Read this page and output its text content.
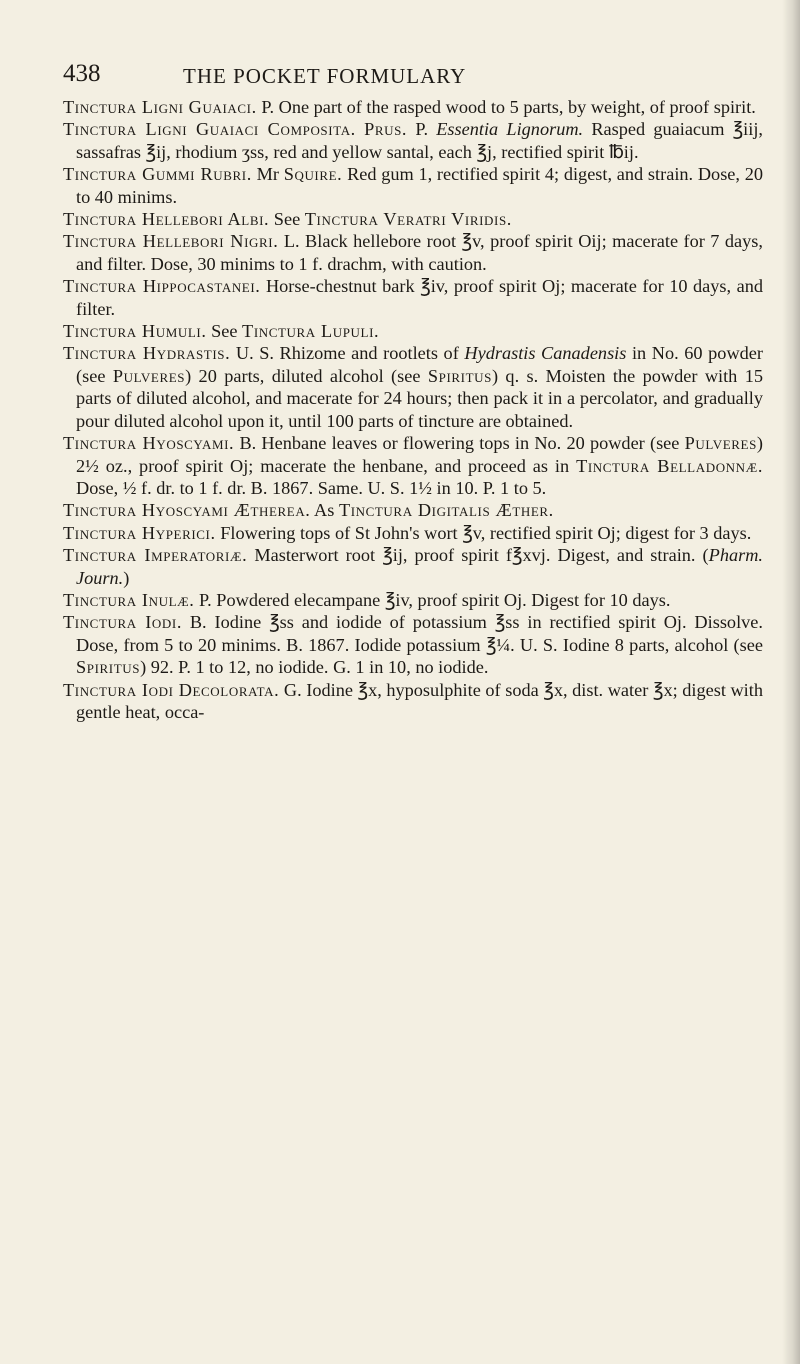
438	THE POCKET FORMULARY

Tinctura Ligni Guaiaci. P. One part of the rasped wood to 5 parts, by weight, of proof spirit.

Tinctura Ligni Guaiaci Composita. Prus. P. Essentia Lignorum. Rasped guaiacum ℥iij, sassafras ℥ij, rhodium ʒss, red and yellow santal, each ℥j, rectified spirit ℔ij.

Tinctura Gummi Rubri. Mr Squire. Red gum 1, rectified spirit 4; digest, and strain. Dose, 20 to 40 minims.

Tinctura Hellebori Albi. See Tinctura Veratri Viridis.

Tinctura Hellebori Nigri. L. Black hellebore root ℥v, proof spirit Oij; macerate for 7 days, and filter. Dose, 30 minims to 1 f. drachm, with caution.

Tinctura Hippocastanei. Horse-chestnut bark ℥iv, proof spirit Oj; macerate for 10 days, and filter.

Tinctura Humuli. See Tinctura Lupuli.

Tinctura Hydrastis. U. S. Rhizome and rootlets of Hydrastis Canadensis in No. 60 powder (see Pulveres) 20 parts, diluted alcohol (see Spiritus) q. s. Moisten the powder with 15 parts of diluted alcohol, and macerate for 24 hours; then pack it in a percolator, and gradually pour diluted alcohol upon it, until 100 parts of tincture are obtained.

Tinctura Hyoscyami. B. Henbane leaves or flowering tops in No. 20 powder (see Pulveres) 2½ oz., proof spirit Oj; macerate the henbane, and proceed as in Tinctura Belladonnæ. Dose, ½ f. dr. to 1 f. dr. B. 1867. Same. U. S. 1½ in 10. P. 1 to 5.

Tinctura Hyoscyami Ætherea. As Tinctura Digitalis Æther.

Tinctura Hyperici. Flowering tops of St John's wort ℥v, rectified spirit Oj; digest for 3 days.

Tinctura Imperatoriæ. Masterwort root ℥ij, proof spirit f℥xvj. Digest, and strain. (Pharm. Journ.)

Tinctura Inulæ. P. Powdered elecampane ℥iv, proof spirit Oj. Digest for 10 days.

Tinctura Iodi. B. Iodine ℥ss and iodide of potassium ℥ss in rectified spirit Oj. Dissolve. Dose, from 5 to 20 minims. B. 1867. Iodide potassium ℥¼. U. S. Iodine 8 parts, alcohol (see Spiritus) 92. P. 1 to 12, no iodide. G. 1 in 10, no iodide.

Tinctura Iodi Decolorata. G. Iodine ℥x, hyposulphite of soda ℥x, dist. water ℥x; digest with gentle heat, occa-
